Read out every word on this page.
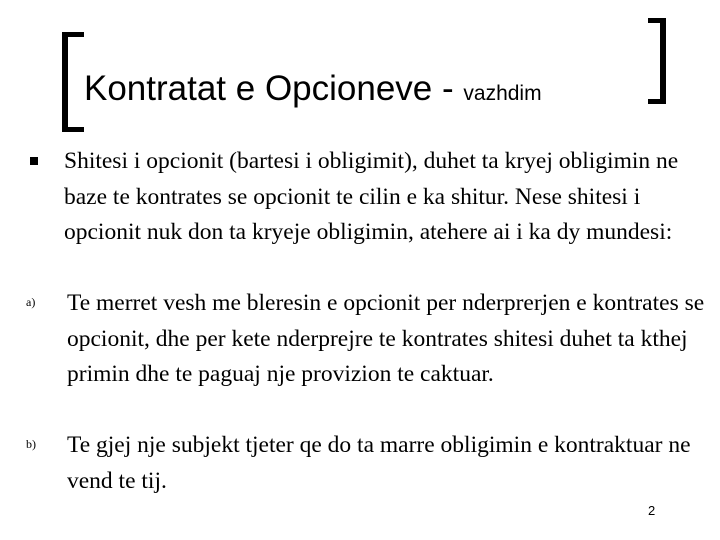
Kontratat e Opcioneve - vazhdim

Shitesi i opcionit (bartesi i obligimit), duhet ta kryej obligimin ne baze te kontrates se opcionit te cilin e ka shitur. Nese shitesi i opcionit nuk don ta kryeje obligimin, atehere ai i ka dy mundesi:

a) Te merret vesh me bleresin e opcionit per nderprerjen e kontrates se opcionit, dhe per kete nderprejre te kontrates shitesi duhet ta kthej primin dhe te paguaj nje provizion te caktuar.

b) Te gjej nje subjekt tjeter qe do ta marre obligimin e kontraktuar ne vend te tij.

2
